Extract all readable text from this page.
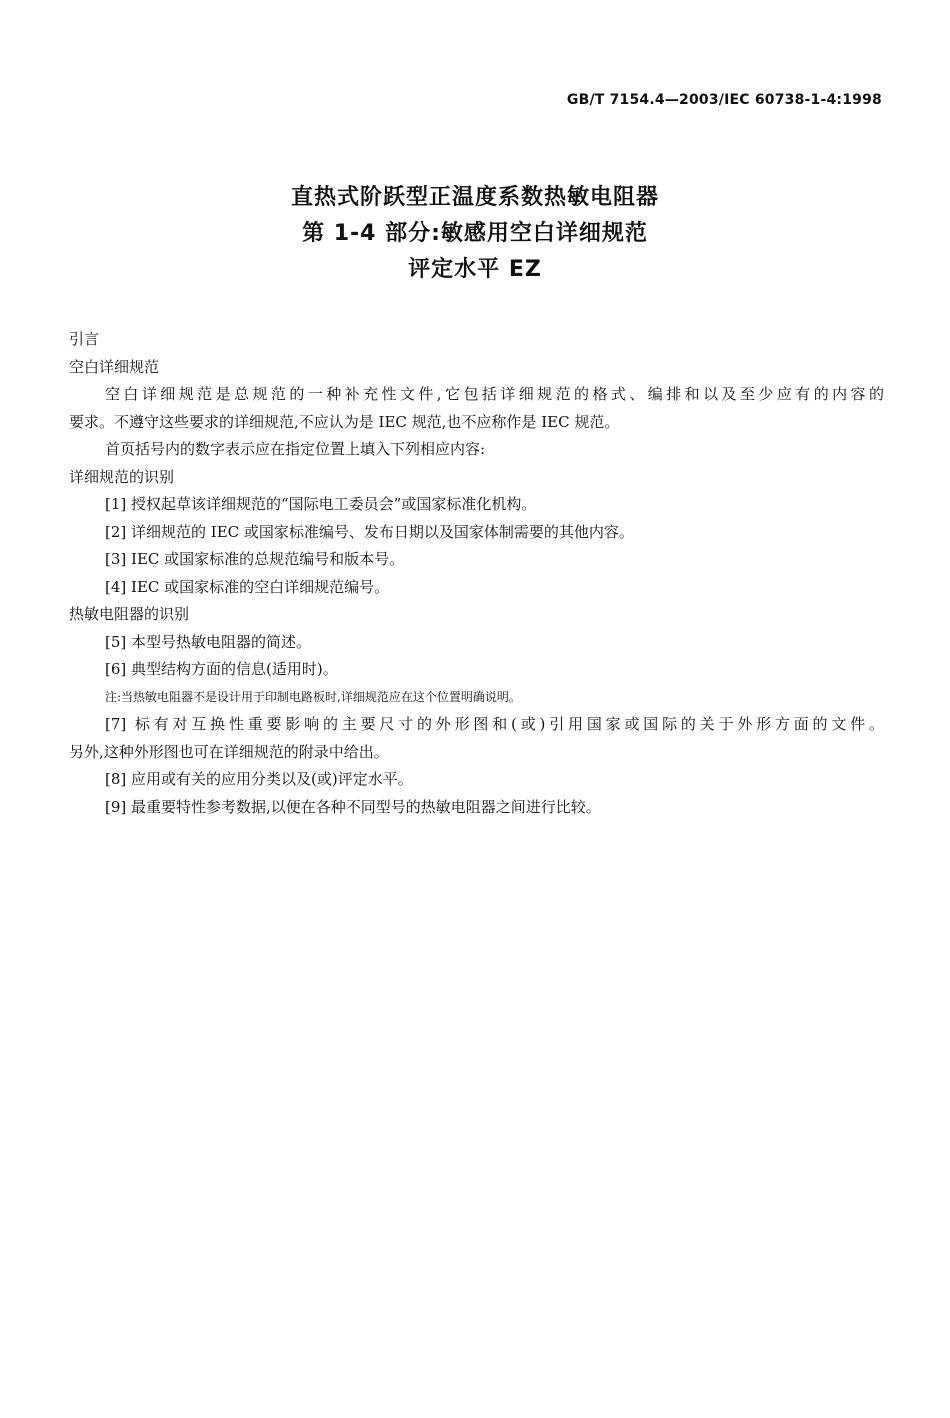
GB/T 7154.4—2003/IEC 60738-1-4:1998
直热式阶跃型正温度系数热敏电阻器
第 1-4 部分:敏感用空白详细规范
评定水平 EZ
引言
空白详细规范
空白详细规范是总规范的一种补充性文件,它包括详细规范的格式、编排和以及至少应有的内容的
要求。不遵守这些要求的详细规范,不应认为是 IEC 规范,也不应称作是 IEC 规范。
首页括号内的数字表示应在指定位置上填入下列相应内容:
详细规范的识别
[1] 授权起草该详细规范的“国际电工委员会”或国家标准化机构。
[2] 详细规范的 IEC 或国家标准编号、发布日期以及国家体制需要的其他内容。
[3] IEC 或国家标准的总规范编号和版本号。
[4] IEC 或国家标准的空白详细规范编号。
热敏电阻器的识别
[5] 本型号热敏电阻器的简述。
[6] 典型结构方面的信息(适用时)。
注:当热敏电阻器不是设计用于印制电路板时,详细规范应在这个位置明确说明。
[7] 标有对互换性重要影响的主要尺寸的外形图和(或)引用国家或国际的关于外形方面的文件。
另外,这种外形图也可在详细规范的附录中给出。
[8] 应用或有关的应用分类以及(或)评定水平。
[9] 最重要特性参考数据,以便在各种不同型号的热敏电阻器之间进行比较。
